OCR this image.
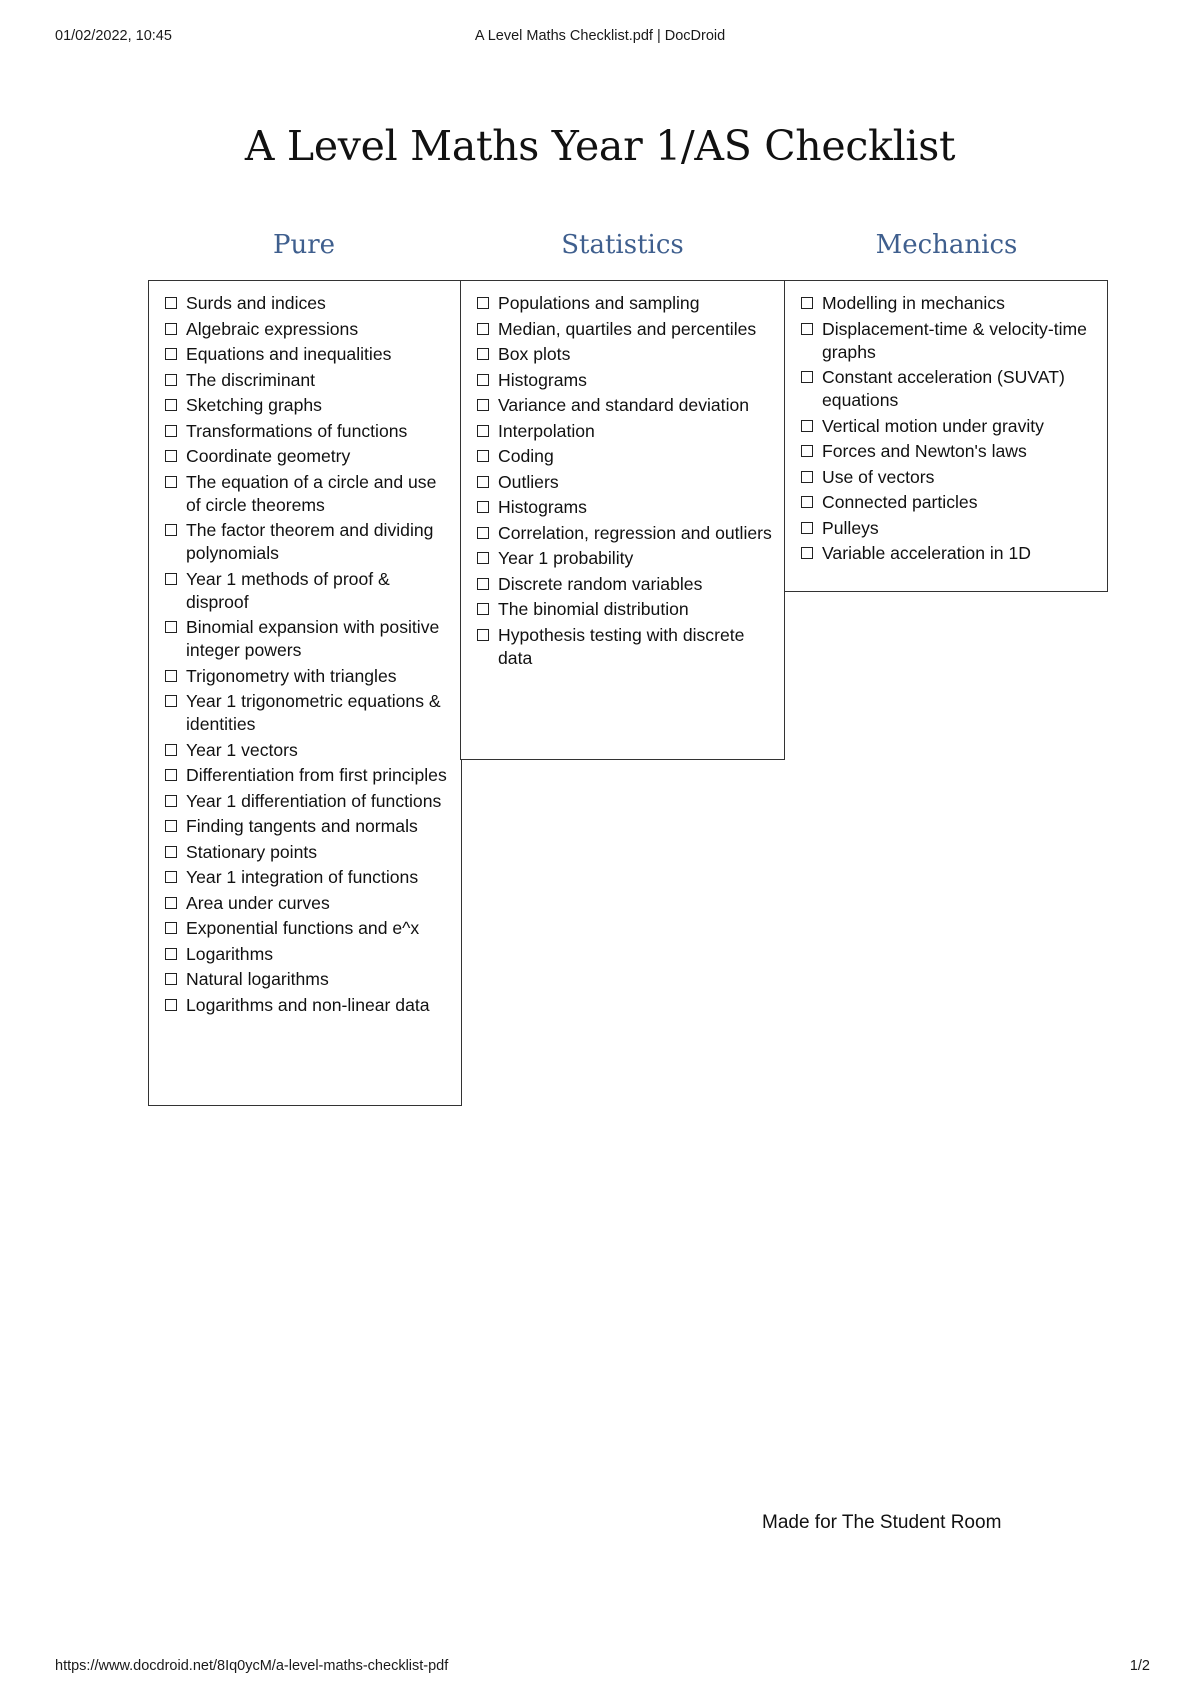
01/02/2022, 10:45	A Level Maths Checklist.pdf | DocDroid
A Level Maths Year 1/AS Checklist
Pure	Statistics	Mechanics
Surds and indices
Algebraic expressions
Equations and inequalities
The discriminant
Sketching graphs
Transformations of functions
Coordinate geometry
The equation of a circle and use of circle theorems
The factor theorem and dividing polynomials
Year 1 methods of proof & disproof
Binomial expansion with positive integer powers
Trigonometry with triangles
Year 1 trigonometric equations & identities
Year 1 vectors
Differentiation from first principles
Year 1 differentiation of functions
Finding tangents and normals
Stationary points
Year 1 integration of functions
Area under curves
Exponential functions and e^x
Logarithms
Natural logarithms
Logarithms and non-linear data
Populations and sampling
Median, quartiles and percentiles
Box plots
Histograms
Variance and standard deviation
Interpolation
Coding
Outliers
Histograms
Correlation, regression and outliers
Year 1 probability
Discrete random variables
The binomial distribution
Hypothesis testing with discrete data
Modelling in mechanics
Displacement-time & velocity-time graphs
Constant acceleration (SUVAT) equations
Vertical motion under gravity
Forces and Newton's laws
Use of vectors
Connected particles
Pulleys
Variable acceleration in 1D
Made for The Student Room
https://www.docdroid.net/8Iq0ycM/a-level-maths-checklist-pdf	1/2
